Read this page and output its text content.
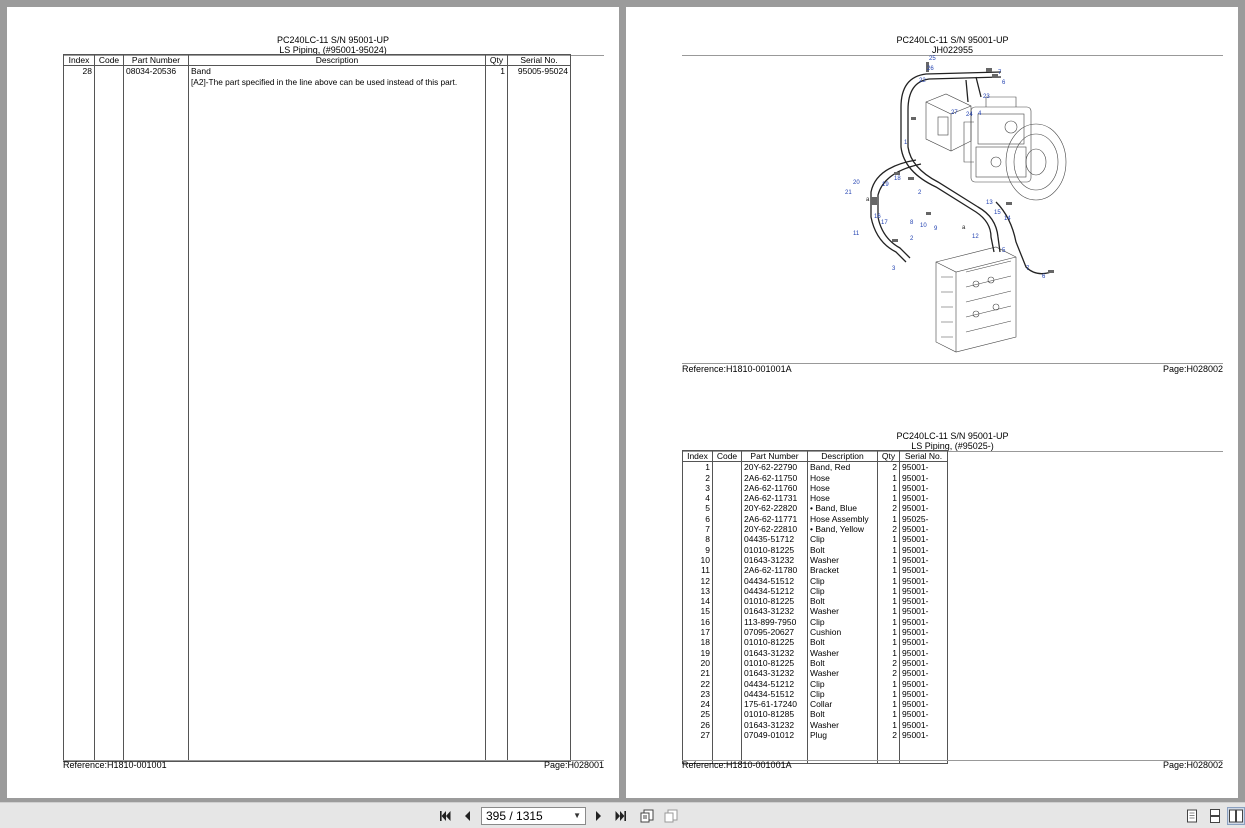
PC240LC-11 S/N 95001-UP
LS Piping, (#95001-95024)
Index	Code	Part Number	Description	Qty	Serial No.
28		08034-20536	Band	1	95005-95024
			[A2]-The part specified in the line above can be used instead of this part.		

Reference:H1810-001001	Page:H028001
PC240LC-11 S/N 95001-UP
JH022955
25
26
22
7
6
23
27 24 4
1
20
21
18
19
2
16
17	8 10 9
11
13
15
14
12
2
3
5
7
6
a
a
Reference:H1810-001001A	Page:H028002
PC240LC-11 S/N 95001-UP
LS Piping, (#95025-)
Index	Code	Part Number	Description	Qty	Serial No.
1		20Y-62-22790	Band, Red	2	95001-
2		2A6-62-11750	Hose	1	95001-
3		2A6-62-11760	Hose	1	95001-
4		2A6-62-11731	Hose	1	95001-
5		20Y-62-22820	• Band, Blue	2	95001-
6		2A6-62-11771	Hose Assembly	1	95025-
7		20Y-62-22810	• Band, Yellow	2	95001-
8		04435-51712	Clip	1	95001-
9		01010-81225	Bolt	1	95001-
10		01643-31232	Washer	1	95001-
11		2A6-62-11780	Bracket	1	95001-
12		04434-51512	Clip	1	95001-
13		04434-51212	Clip	1	95001-
14		01010-81225	Bolt	1	95001-
15		01643-31232	Washer	1	95001-
16		113-899-7950	Clip	1	95001-
17		07095-20627	Cushion	1	95001-
18		01010-81225	Bolt	1	95001-
19		01643-31232	Washer	1	95001-
20		01010-81225	Bolt	2	95001-
21		01643-31232	Washer	2	95001-
22		04434-51212	Clip	1	95001-
23		04434-51512	Clip	1	95001-
24		175-61-17240	Collar	1	95001-
25		01010-81285	Bolt	1	95001-
26		01643-31232	Washer	1	95001-
27		07049-01012	Plug	2	95001-

Reference:H1810-001001A	Page:H028002
395 / 1315	▼
